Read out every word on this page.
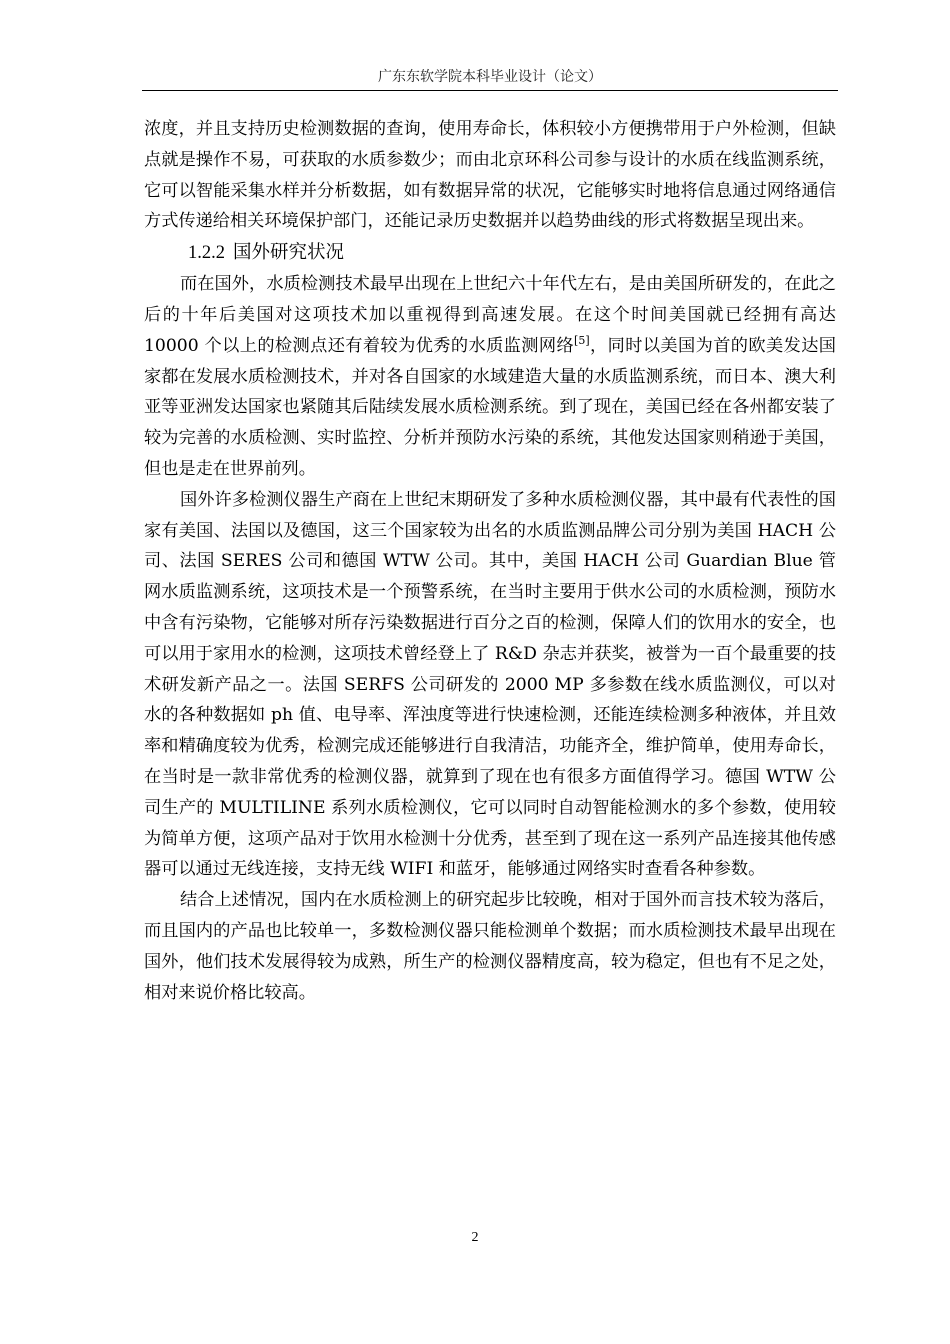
广东东软学院本科毕业设计（论文）

浓度，并且支持历史检测数据的查询，使用寿命长，体积较小方便携带用于户外检测，但缺点就是操作不易，可获取的水质参数少；而由北京环科公司参与设计的水质在线监测系统，它可以智能采集水样并分析数据，如有数据异常的状况，它能够实时地将信息通过网络通信方式传递给相关环境保护部门，还能记录历史数据并以趋势曲线的形式将数据呈现出来。

1.2.2 国外研究状况

而在国外，水质检测技术最早出现在上世纪六十年代左右，是由美国所研发的，在此之后的十年后美国对这项技术加以重视得到高速发展。在这个时间美国就已经拥有高达 10000 个以上的检测点还有着较为优秀的水质监测网络[5]，同时以美国为首的欧美发达国家都在发展水质检测技术，并对各自国家的水域建造大量的水质监测系统，而日本、澳大利亚等亚洲发达国家也紧随其后陆续发展水质检测系统。到了现在，美国已经在各州都安装了较为完善的水质检测、实时监控、分析并预防水污染的系统，其他发达国家则稍逊于美国，但也是走在世界前列。

国外许多检测仪器生产商在上世纪末期研发了多种水质检测仪器，其中最有代表性的国家有美国、法国以及德国，这三个国家较为出名的水质监测品牌公司分别为美国 HACH 公司、法国 SERES 公司和德国 WTW 公司。其中，美国 HACH 公司 Guardian Blue 管网水质监测系统，这项技术是一个预警系统，在当时主要用于供水公司的水质检测，预防水中含有污染物，它能够对所存污染数据进行百分之百的检测，保障人们的饮用水的安全，也可以用于家用水的检测，这项技术曾经登上了 R&D 杂志并获奖，被誉为一百个最重要的技术研发新产品之一。法国 SERFS 公司研发的 2000 MP 多参数在线水质监测仪，可以对水的各种数据如 ph 值、电导率、浑浊度等进行快速检测，还能连续检测多种液体，并且效率和精确度较为优秀，检测完成还能够进行自我清洁，功能齐全，维护简单，使用寿命长，在当时是一款非常优秀的检测仪器，就算到了现在也有很多方面值得学习。德国 WTW 公司生产的 MULTILINE 系列水质检测仪，它可以同时自动智能检测水的多个参数，使用较为简单方便，这项产品对于饮用水检测十分优秀，甚至到了现在这一系列产品连接其他传感器可以通过无线连接，支持无线 WIFI 和蓝牙，能够通过网络实时查看各种参数。

结合上述情况，国内在水质检测上的研究起步比较晚，相对于国外而言技术较为落后，而且国内的产品也比较单一，多数检测仪器只能检测单个数据；而水质检测技术最早出现在国外，他们技术发展得较为成熟，所生产的检测仪器精度高，较为稳定，但也有不足之处，相对来说价格比较高。

2
